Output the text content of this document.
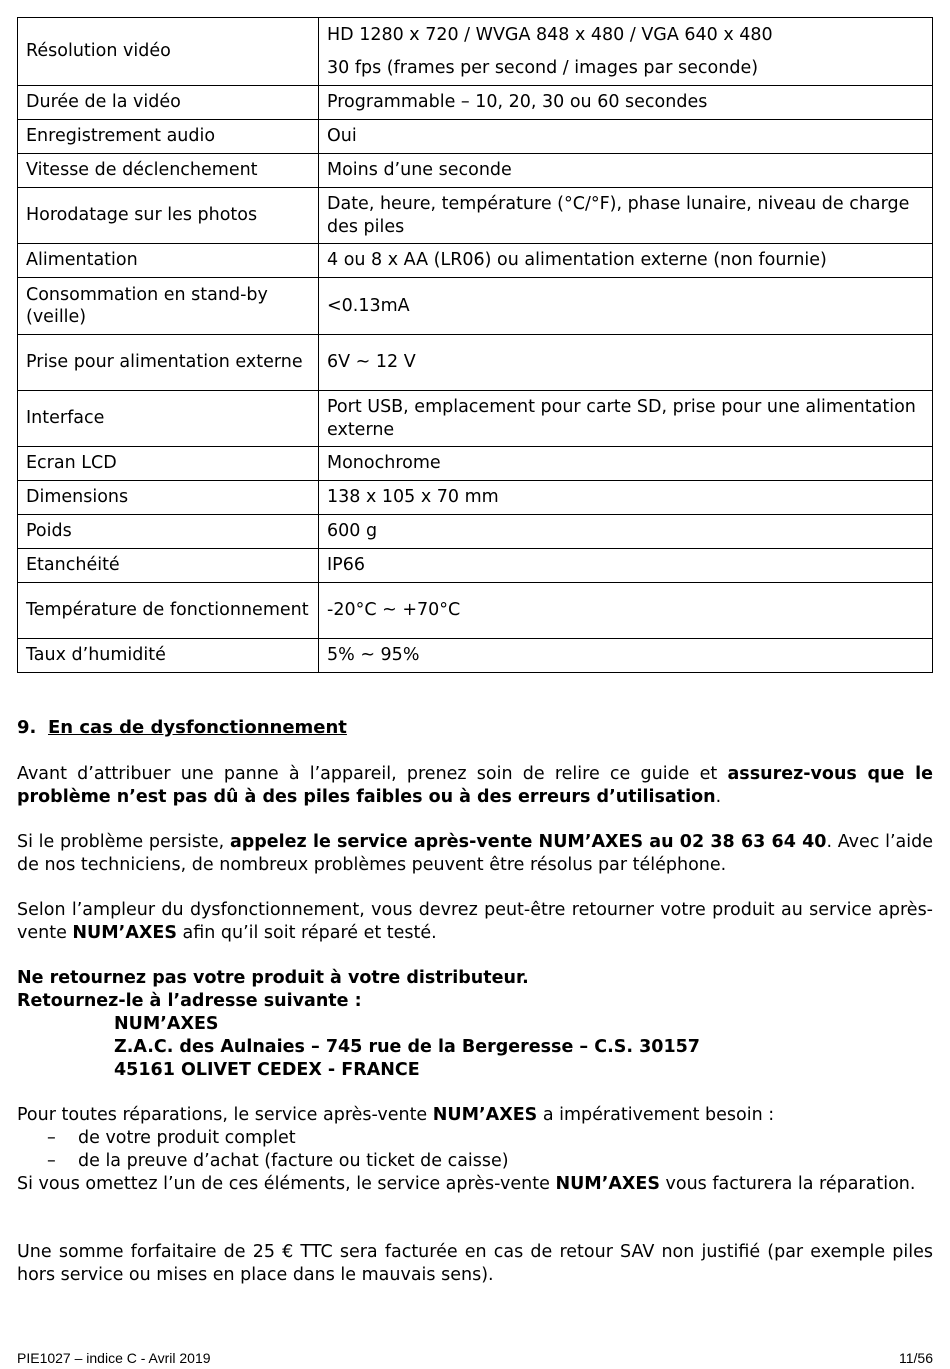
Résolution vidéo	HD 1280 x 720 / WVGA 848 x 480 / VGA 640 x 480
30 fps (frames per second / images par seconde)

Durée de la vidéo	Programmable – 10, 20, 30 ou 60 secondes
Enregistrement audio	Oui
Vitesse de déclenchement	Moins d’une seconde
Horodatage sur les photos	Date, heure, température (°C/°F), phase lunaire, niveau de charge des piles
Alimentation	4 ou 8 x AA (LR06) ou alimentation externe (non fournie)
Consommation en stand-by (veille)	<0.13mA
Prise pour alimentation externe	6V ~ 12 V
Interface	Port USB, emplacement pour carte SD, prise pour une alimentation externe
Ecran LCD	Monochrome
Dimensions	138 x 105 x 70 mm
Poids	600 g
Etanchéité	IP66
Température de fonctionnement	-20°C ~ +70°C
Taux d’humidité	5% ~ 95%
9. En cas de dysfonctionnement

Avant d’attribuer une panne à l’appareil, prenez soin de relire ce guide et assurez-vous que le problème n’est pas dû à des piles faibles ou à des erreurs d’utilisation.

Si le problème persiste, appelez le service après-vente NUM’AXES au 02 38 63 64 40. Avec l’aide de nos techniciens, de nombreux problèmes peuvent être résolus par téléphone.

Selon l’ampleur du dysfonctionnement, vous devrez peut-être retourner votre produit au service après-vente NUM’AXES afin qu’il soit réparé et testé.

Ne retournez pas votre produit à votre distributeur.

Retournez-le à l’adresse suivante :

NUM’AXES

Z.A.C. des Aulnaies – 745 rue de la Bergeresse – C.S. 30157

45161 OLIVET CEDEX - FRANCE

Pour toutes réparations, le service après-vente NUM’AXES a impérativement besoin :

– de votre produit complet

– de la preuve d’achat (facture ou ticket de caisse)

Si vous omettez l’un de ces éléments, le service après-vente NUM’AXES vous facturera la réparation.

Une somme forfaitaire de 25 € TTC sera facturée en cas de retour SAV non justifié (par exemple piles hors service ou mises en place dans le mauvais sens).

PIE1027 – indice C - Avril 2019	11/56
